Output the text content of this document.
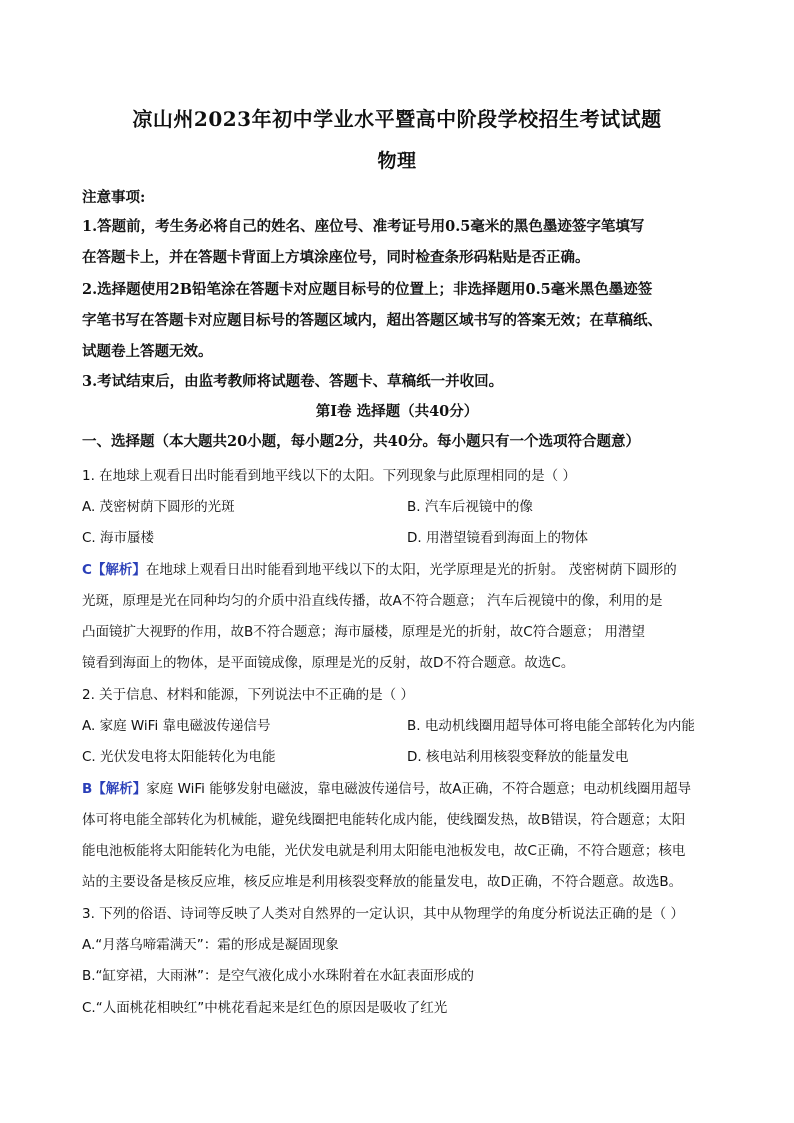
凉山州2023年初中学业水平暨高中阶段学校招生考试试题
物理
注意事项:
1.答题前，考生务必将自己的姓名、座位号、准考证号用0.5毫米的黑色墨迹签字笔填写
在答题卡上，并在答题卡背面上方填涂座位号，同时检查条形码粘贴是否正确。
2.选择题使用2B铅笔涂在答题卡对应题目标号的位置上；非选择题用0.5毫米黑色墨迹签
字笔书写在答题卡对应题目标号的答题区域内，超出答题区域书写的答案无效；在草稿纸、
试题卷上答题无效。
3.考试结束后，由监考教师将试题卷、答题卡、草稿纸一并收回。
第Ⅰ卷 选择题（共40分）
一、选择题（本大题共20小题，每小题2分，共40分。每小题只有一个选项符合题意）
1. 在地球上观看日出时能看到地平线以下的太阳。下列现象与此原理相同的是（ ）
A. 茂密树荫下圆形的光斑	B. 汽车后视镜中的像
C. 海市蜃楼	D. 用潜望镜看到海面上的物体
C【解析】在地球上观看日出时能看到地平线以下的太阳，光学原理是光的折射。 茂密树荫下圆形的
光斑，原理是光在同种均匀的介质中沿直线传播，故A不符合题意； 汽车后视镜中的像，利用的是
凸面镜扩大视野的作用，故B不符合题意；海市蜃楼，原理是光的折射，故C符合题意； 用潜望
镜看到海面上的物体，是平面镜成像，原理是光的反射，故D不符合题意。故选C。
2. 关于信息、材料和能源，下列说法中不正确的是（ ）
A. 家庭 WiFi 靠电磁波传递信号	B. 电动机线圈用超导体可将电能全部转化为内能
C. 光伏发电将太阳能转化为电能	D. 核电站利用核裂变释放的能量发电
B【解析】家庭 WiFi 能够发射电磁波，靠电磁波传递信号，故A正确，不符合题意；电动机线圈用超导
体可将电能全部转化为机械能，避免线圈把电能转化成内能，使线圈发热，故B错误，符合题意；太阳
能电池板能将太阳能转化为电能，光伏发电就是利用太阳能电池板发电，故C正确，不符合题意；核电
站的主要设备是核反应堆，核反应堆是利用核裂变释放的能量发电，故D正确，不符合题意。故选B。
3. 下列的俗语、诗词等反映了人类对自然界的一定认识，其中从物理学的角度分析说法正确的是（ ）
A.“月落乌啼霜满天”：霜的形成是凝固现象
B.“缸穿裙，大雨淋”：是空气液化成小水珠附着在水缸表面形成的
C.“人面桃花相映红”中桃花看起来是红色的原因是吸收了红光
